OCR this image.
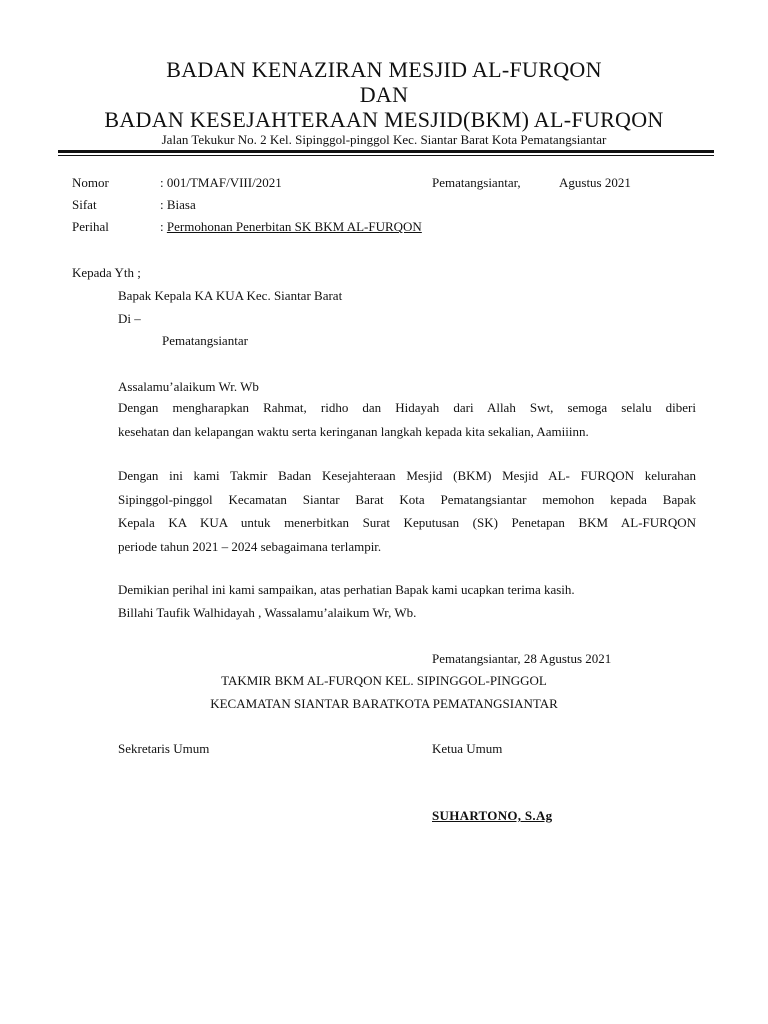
BADAN KENAZIRAN MESJID AL-FURQON
DAN
BADAN KESEJAHTERAAN MESJID(BKM) AL-FURQON
Jalan Tekukur No. 2 Kel. Sipinggol-pinggol Kec. Siantar Barat Kota Pematangsiantar
Nomor	: 001/TMAF/VIII/2021	Pematangsiantar,	Agustus 2021
Sifat	: Biasa
Perihal	: Permohonan Penerbitan SK BKM AL-FURQON
Kepada Yth ;
Bapak Kepala KA KUA Kec. Siantar Barat
Di –
Pematangsiantar
Assalamu’alaikum Wr. Wb
Dengan mengharapkan Rahmat, ridho dan Hidayah dari Allah Swt, semoga selalu diberi
kesehatan dan kelapangan waktu serta keringanan langkah kepada kita sekalian, Aamiiinn.
Dengan ini kami Takmir Badan Kesejahteraan Mesjid (BKM) Mesjid AL- FURQON kelurahan
Sipinggol-pinggol Kecamatan Siantar Barat Kota Pematangsiantar memohon kepada Bapak
Kepala KA KUA untuk menerbitkan Surat Keputusan (SK) Penetapan BKM AL-FURQON
periode tahun 2021 – 2024 sebagaimana terlampir.
Demikian perihal ini kami sampaikan, atas perhatian Bapak kami ucapkan terima kasih.
Billahi Taufik Walhidayah , Wassalamu’alaikum Wr, Wb.
Pematangsiantar, 28 Agustus 2021
TAKMIR BKM AL-FURQON KEL. SIPINGGOL-PINGGOL
KECAMATAN SIANTAR BARATKOTA PEMATANGSIANTAR
Sekretaris Umum	Ketua Umum
SUHARTONO, S.Ag
